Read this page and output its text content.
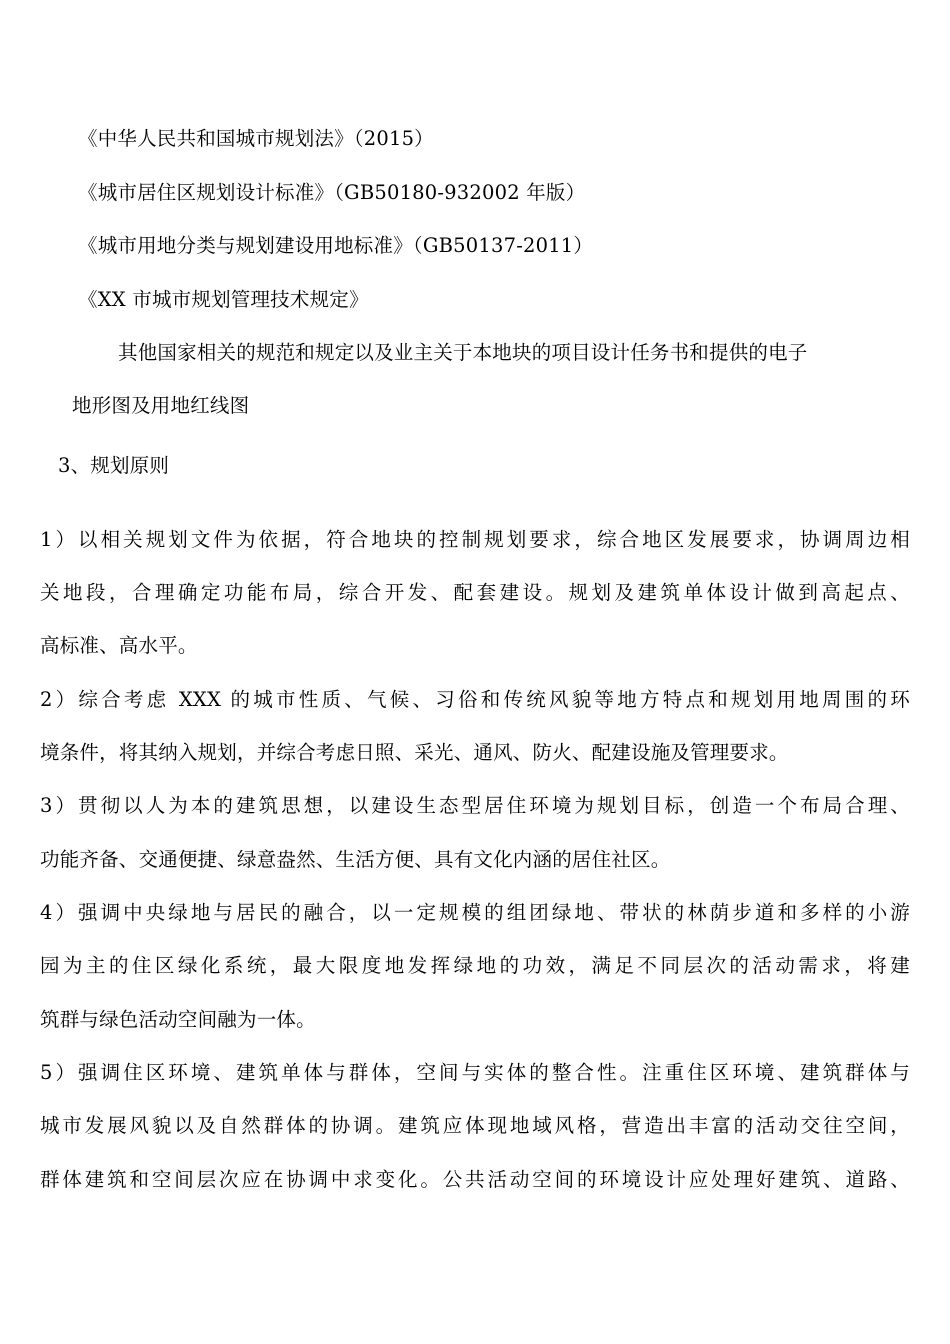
《中华人民共和国城市规划法》（2015）
《城市居住区规划设计标准》（GB50180-932002 年版）
《城市用地分类与规划建设用地标准》（GB50137-2011）
《XX 市城市规划管理技术规定》
其他国家相关的规范和规定以及业主关于本地块的项目设计任务书和提供的电子
地形图及用地红线图
3、规划原则
1）以相关规划文件为依据，符合地块的控制规划要求，综合地区发展要求，协调周边相
关地段，合理确定功能布局，综合开发、配套建设。规划及建筑单体设计做到高起点、
高标准、高水平。
2）综合考虑 XXX 的城市性质、气候、习俗和传统风貌等地方特点和规划用地周围的环
境条件，将其纳入规划，并综合考虑日照、采光、通风、防火、配建设施及管理要求。
3）贯彻以人为本的建筑思想，以建设生态型居住环境为规划目标，创造一个布局合理、
功能齐备、交通便捷、绿意盎然、生活方便、具有文化内涵的居住社区。
4）强调中央绿地与居民的融合，以一定规模的组团绿地、带状的林荫步道和多样的小游
园为主的住区绿化系统，最大限度地发挥绿地的功效，满足不同层次的活动需求，将建
筑群与绿色活动空间融为一体。
5）强调住区环境、建筑单体与群体，空间与实体的整合性。注重住区环境、建筑群体与
城市发展风貌以及自然群体的协调。建筑应体现地域风格，营造出丰富的活动交往空间，
群体建筑和空间层次应在协调中求变化。公共活动空间的环境设计应处理好建筑、道路、
